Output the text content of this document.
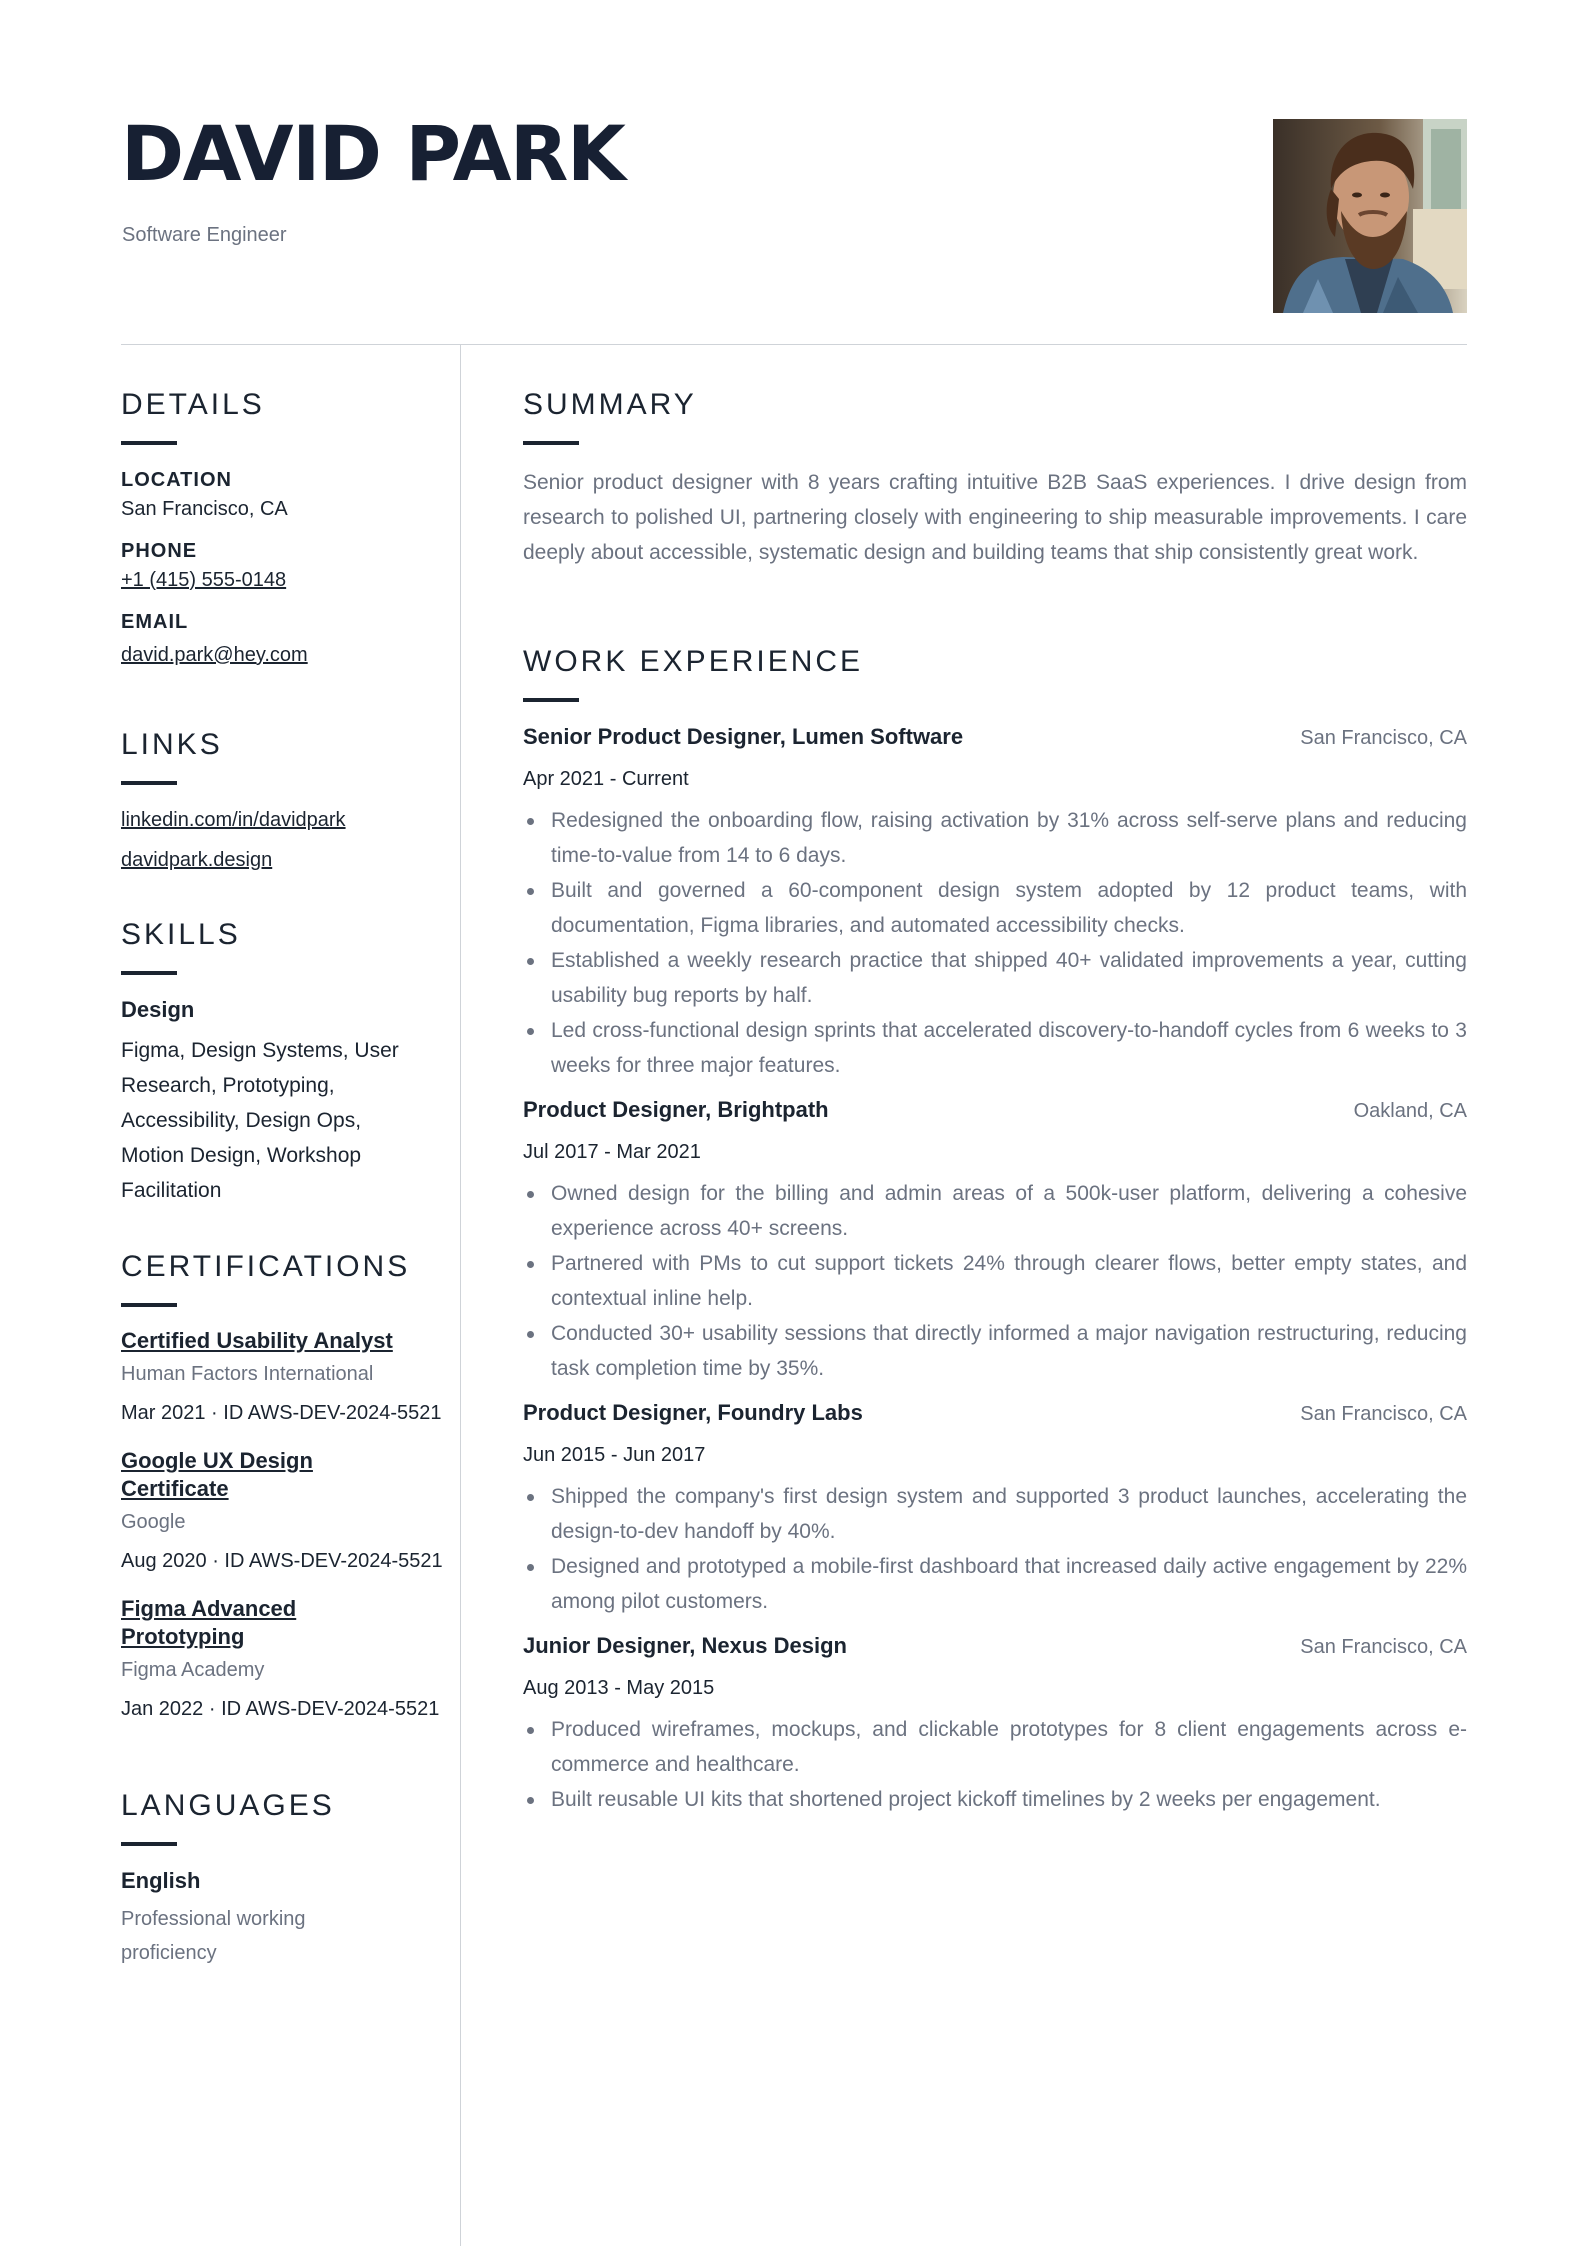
DAVID PARK
Software Engineer
DETAILS
LOCATION
San Francisco, CA
PHONE
+1 (415) 555-0148
EMAIL
david.park@hey.com
LINKS
linkedin.com/in/davidpark
davidpark.design
SKILLS
Design
Figma, Design Systems, User Research, Prototyping, Accessibility, Design Ops, Motion Design, Workshop Facilitation
CERTIFICATIONS
Certified Usability Analyst
Human Factors International
Mar 2021 · ID AWS-DEV-2024-5521
Google UX Design Certificate
Google
Aug 2020 · ID AWS-DEV-2024-5521
Figma Advanced Prototyping
Figma Academy
Jan 2022 · ID AWS-DEV-2024-5521
LANGUAGES
English
Professional working proficiency
SUMMARY
Senior product designer with 8 years crafting intuitive B2B SaaS experiences. I drive design from research to polished UI, partnering closely with engineering to ship measurable improvements. I care deeply about accessible, systematic design and building teams that ship consistently great work.
WORK EXPERIENCE
Senior Product Designer, Lumen Software	San Francisco, CA
Apr 2021 - Current
Redesigned the onboarding flow, raising activation by 31% across self-serve plans and reducing time-to-value from 14 to 6 days.
Built and governed a 60-component design system adopted by 12 product teams, with documentation, Figma libraries, and automated accessibility checks.
Established a weekly research practice that shipped 40+ validated improvements a year, cutting usability bug reports by half.
Led cross-functional design sprints that accelerated discovery-to-handoff cycles from 6 weeks to 3 weeks for three major features.
Product Designer, Brightpath	Oakland, CA
Jul 2017 - Mar 2021
Owned design for the billing and admin areas of a 500k-user platform, delivering a cohesive experience across 40+ screens.
Partnered with PMs to cut support tickets 24% through clearer flows, better empty states, and contextual inline help.
Conducted 30+ usability sessions that directly informed a major navigation restructuring, reducing task completion time by 35%.
Product Designer, Foundry Labs	San Francisco, CA
Jun 2015 - Jun 2017
Shipped the company's first design system and supported 3 product launches, accelerating the design-to-dev handoff by 40%.
Designed and prototyped a mobile-first dashboard that increased daily active engagement by 22% among pilot customers.
Junior Designer, Nexus Design	San Francisco, CA
Aug 2013 - May 2015
Produced wireframes, mockups, and clickable prototypes for 8 client engagements across e-commerce and healthcare.
Built reusable UI kits that shortened project kickoff timelines by 2 weeks per engagement.
